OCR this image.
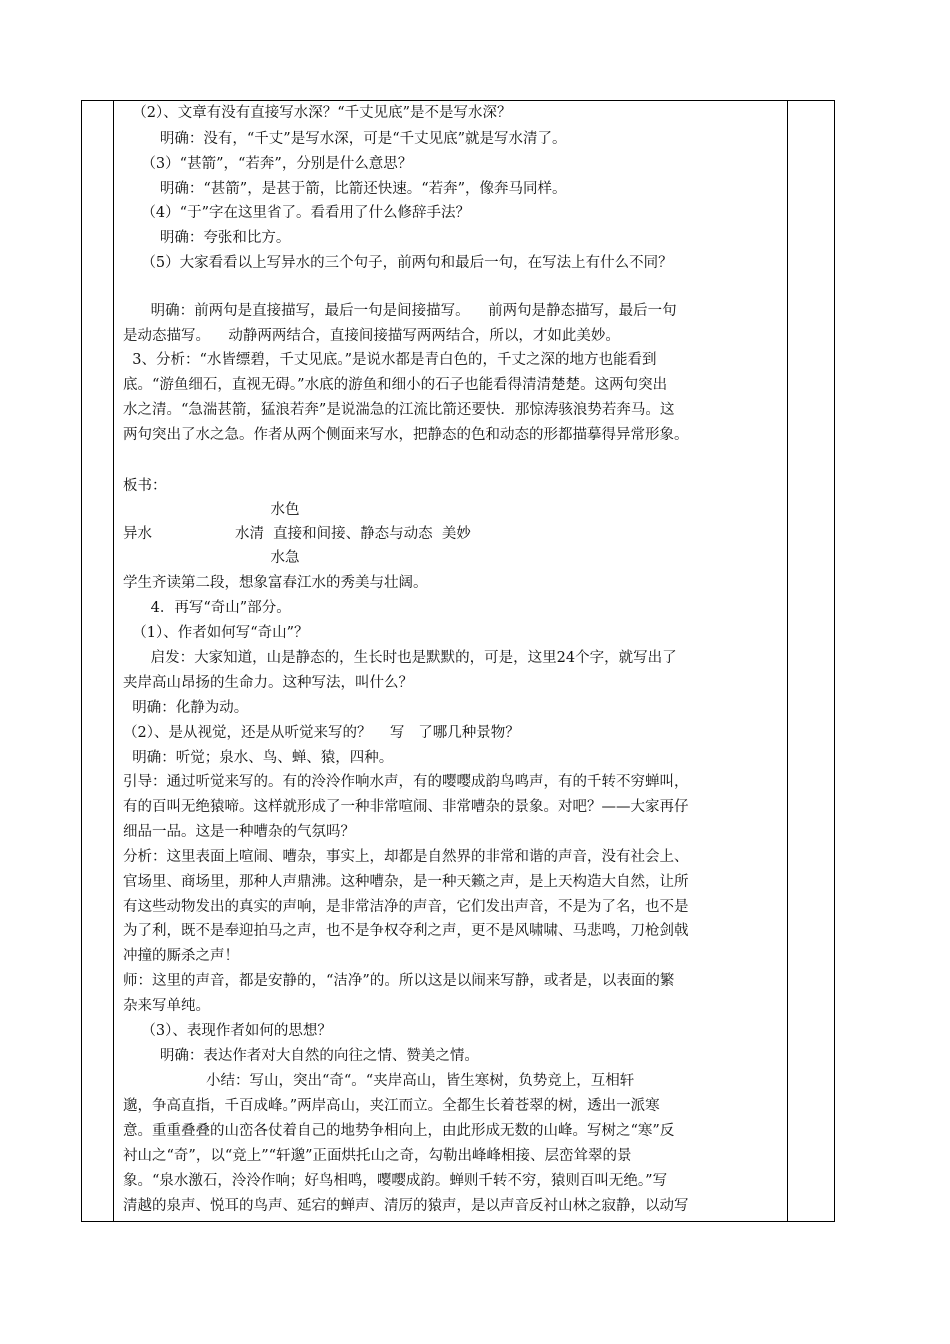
（2）、文章有没有直接写水深？“千丈见底”是不是写水深？
明确：没有，“千丈”是写水深，可是“千丈见底”就是写水清了。
（3）“甚箭”，“若奔”，分别是什么意思？
明确：“甚箭”，是甚于箭，比箭还快速。“若奔”，像奔马同样。
（4）“于”字在这里省了。看看用了什么修辞手法？
明确：夸张和比方。
（5）大家看看以上写异水的三个句子，前两句和最后一句，在写法上有什么不同？
明确：前两句是直接描写，最后一句是间接描写。    前两句是静态描写，最后一句
是动态描写。    动静两两结合，直接间接描写两两结合，所以，才如此美妙。
3、分析：“水皆缥碧，千丈见底。”是说水都是青白色的，千丈之深的地方也能看到
底。“游鱼细石，直视无碍。”水底的游鱼和细小的石子也能看得清清楚楚。这两句突出
水之清。“急湍甚箭，猛浪若奔”是说湍急的江流比箭还要快．那惊涛骇浪势若奔马。这
两句突出了水之急。作者从两个侧面来写水，把静态的色和动态的形都描摹得异常形象。
板书：
水色
异水                  水清  直接和间接、静态与动态  美妙
水急
学生齐读第二段，想象富春江水的秀美与壮阔。
4．再写“奇山”部分。
（1）、作者如何写“奇山”？
启发：大家知道，山是静态的，生长时也是默默的，可是，这里24个字，就写出了
夹岸高山昂扬的生命力。这种写法，叫什么？
明确：化静为动。
（2）、是从视觉，还是从听觉来写的？    写   了哪几种景物？
明确：听觉；泉水、鸟、蝉、猿，四种。
引导：通过听觉来写的。有的泠泠作响水声，有的嘤嘤成韵鸟鸣声，有的千转不穷蝉叫，
有的百叫无绝猿啼。这样就形成了一种非常喧闹、非常嘈杂的景象。对吧？——大家再仔
细品一品。这是一种嘈杂的气氛吗？
分析：这里表面上喧闹、嘈杂，事实上，却都是自然界的非常和谐的声音，没有社会上、
官场里、商场里，那种人声鼎沸。这种嘈杂，是一种天籁之声，是上天构造大自然，让所
有这些动物发出的真实的声响，是非常洁净的声音，它们发出声音，不是为了名，也不是
为了利，既不是奉迎拍马之声，也不是争权夺利之声，更不是风啸啸、马悲鸣，刀枪剑戟
冲撞的厮杀之声！
师：这里的声音，都是安静的，“洁净”的。所以这是以闹来写静，或者是，以表面的繁
杂来写单纯。
（3）、表现作者如何的思想？
明确：表达作者对大自然的向往之情、赞美之情。
小结：写山，突出“奇“。“夹岸高山，皆生寒树，负势竞上，互相轩
邈，争高直指，千百成峰。”两岸高山，夹江而立。全都生长着苍翠的树，透出一派寒
意。重重叠叠的山峦各仗着自己的地势争相向上，由此形成无数的山峰。写树之“寒”反
衬山之“奇”，以“竞上”“轩邈”正面烘托山之奇，勾勒出峰峰相接、层峦耸翠的景
象。“泉水激石，泠泠作响；好鸟相鸣，嘤嘤成韵。蝉则千转不穷，猿则百叫无绝。”写
清越的泉声、悦耳的鸟声、延宕的蝉声、清厉的猿声，是以声音反衬山林之寂静，以动写
